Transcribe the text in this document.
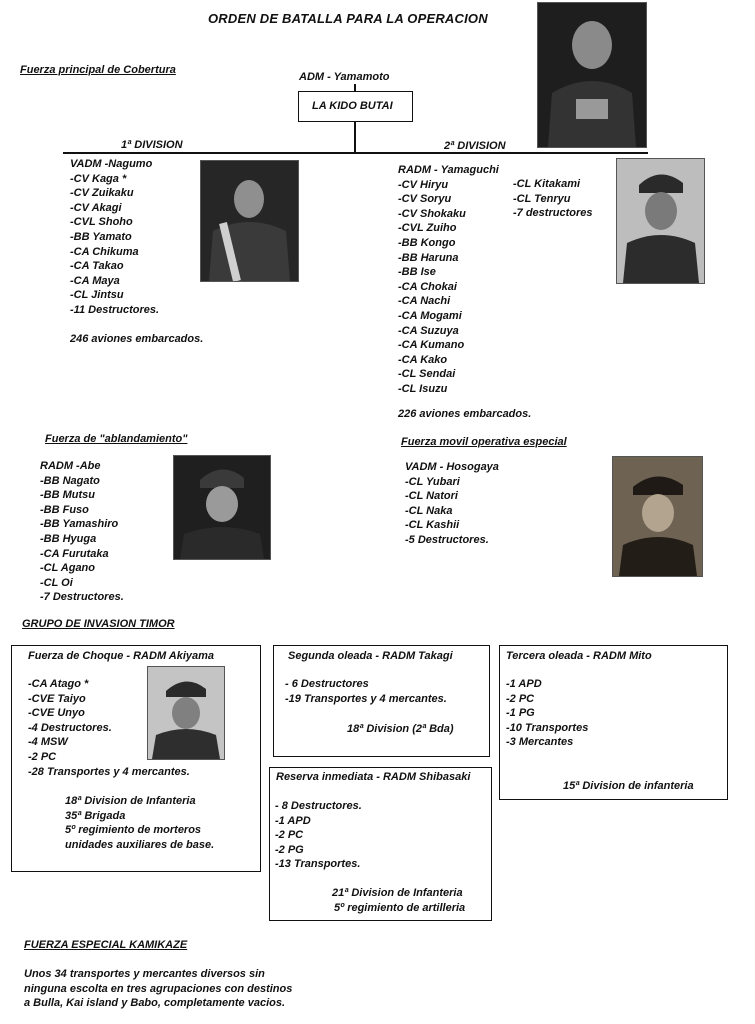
ORDEN DE BATALLA PARA LA OPERACION
Fuerza principal de Cobertura
ADM - Yamamoto
LA KIDO BUTAI
1ª DIVISION	2ª DIVISION
VADM -Nagumo
-CV Kaga *
-CV Zuikaku
-CV Akagi
-CVL Shoho
-BB Yamato
-CA Chikuma
-CA Takao
-CA Maya
-CL Jintsu
-11 Destructores.
246 aviones embarcados.
RADM - Yamaguchi
-CV Hiryu
-CV Soryu
-CV Shokaku
-CVL Zuiho
-BB Kongo
-BB Haruna
-BB Ise
-CA Chokai
-CA Nachi
-CA Mogami
-CA Suzuya
-CA Kumano
-CA Kako
-CL Sendai
-CL Isuzu
-CL Kitakami
-CL Tenryu
-7 destructores
226 aviones embarcados.
Fuerza de "ablandamiento"
RADM -Abe
-BB Nagato
-BB Mutsu
-BB Fuso
-BB Yamashiro
-BB Hyuga
-CA Furutaka
-CL Agano
-CL Oi
-7 Destructores.
Fuerza movil operativa especial
VADM - Hosogaya
-CL Yubari
-CL Natori
-CL Naka
-CL Kashii
-5 Destructores.
GRUPO DE INVASION TIMOR
Fuerza de Choque - RADM Akiyama
-CA Atago *
-CVE Taiyo
-CVE Unyo
-4 Destructores.
-4 MSW
-2 PC
-28 Transportes y 4 mercantes.
18ª Division de Infanteria
35ª Brigada
5º regimiento de morteros
unidades auxiliares de base.
Segunda oleada - RADM Takagi
- 6 Destructores
-19 Transportes y 4 mercantes.
18ª Division (2ª Bda)
Tercera oleada - RADM Mito
-1 APD
-2 PC
-1 PG
-10 Transportes
-3 Mercantes
15ª Division de infanteria
Reserva inmediata - RADM Shibasaki
- 8 Destructores.
-1 APD
-2 PC
-2 PG
-13 Transportes.
21ª Division de Infanteria
5º regimiento de artilleria
FUERZA ESPECIAL KAMIKAZE
Unos 34 transportes y mercantes diversos sin
ninguna escolta en tres agrupaciones con destinos
a Bulla, Kai island y Babo, completamente vacios.
